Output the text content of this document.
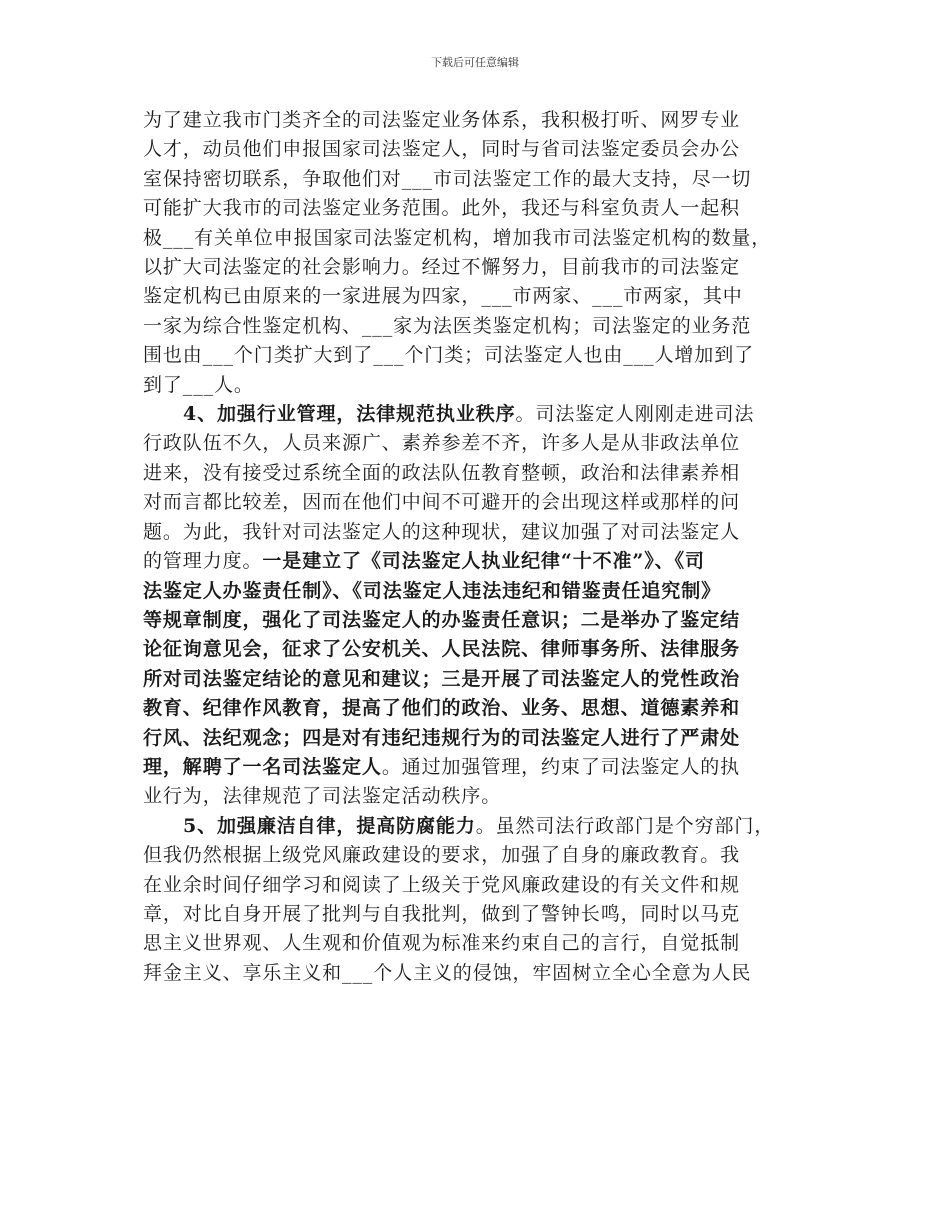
下载后可任意编辑

为了建立我市门类齐全的司法鉴定业务体系，我积极打听、网罗专业
人才，动员他们申报国家司法鉴定人，同时与省司法鉴定委员会办公
室保持密切联系，争取他们对___市司法鉴定工作的最大支持，尽一切
可能扩大我市的司法鉴定业务范围。此外，我还与科室负责人一起积
极___有关单位申报国家司法鉴定机构，增加我市司法鉴定机构的数量，
以扩大司法鉴定的社会影响力。经过不懈努力，目前我市的司法鉴定
鉴定机构已由原来的一家进展为四家，___市两家、___市两家，其中
一家为综合性鉴定机构、___家为法医类鉴定机构；司法鉴定的业务范
围也由___个门类扩大到了___个门类；司法鉴定人也由___人增加到了
到了___人。

4、加强行业管理，法律规范执业秩序。司法鉴定人刚刚走进司法
行政队伍不久，人员来源广、素养参差不齐，许多人是从非政法单位
进来，没有接受过系统全面的政法队伍教育整顿，政治和法律素养相
对而言都比较差，因而在他们中间不可避开的会出现这样或那样的问
题。为此，我针对司法鉴定人的这种现状，建议加强了对司法鉴定人
的管理力度。一是建立了《司法鉴定人执业纪律“十不准”》、《司
法鉴定人办鉴责任制》、《司法鉴定人违法违纪和错鉴责任追究制》
等规章制度，强化了司法鉴定人的办鉴责任意识；二是举办了鉴定结
论征询意见会，征求了公安机关、人民法院、律师事务所、法律服务
所对司法鉴定结论的意见和建议；三是开展了司法鉴定人的党性政治
教育、纪律作风教育，提高了他们的政治、业务、思想、道德素养和
行风、法纪观念；四是对有违纪违规行为的司法鉴定人进行了严肃处
理，解聘了一名司法鉴定人。通过加强管理，约束了司法鉴定人的执
业行为，法律规范了司法鉴定活动秩序。

5、加强廉洁自律，提高防腐能力。虽然司法行政部门是个穷部门，
但我仍然根据上级党风廉政建设的要求，加强了自身的廉政教育。我
在业余时间仔细学习和阅读了上级关于党风廉政建设的有关文件和规
章，对比自身开展了批判与自我批判，做到了警钟长鸣，同时以马克
思主义世界观、人生观和价值观为标准来约束自己的言行，自觉抵制
拜金主义、享乐主义和___个人主义的侵蚀，牢固树立全心全意为人民
